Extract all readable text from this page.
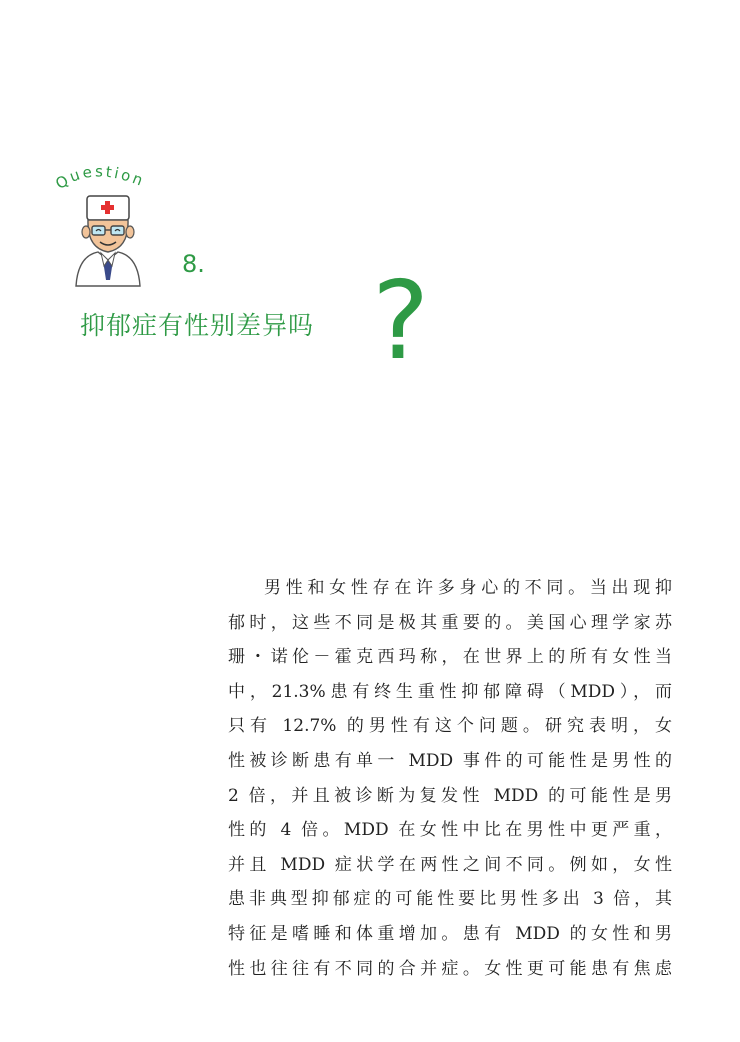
Question
8.
抑郁症有性别差异吗 ?
男性和女性存在许多身心的不同。当出现抑
郁时，这些不同是极其重要的。美国心理学家苏
珊・诺伦－霍克西玛称，在世界上的所有女性当
中，21.3%患有终生重性抑郁障碍（MDD），而
只有 12.7% 的男性有这个问题。研究表明，女
性被诊断患有单一 MDD 事件的可能性是男性的
2 倍，并且被诊断为复发性 MDD 的可能性是男
性的 4 倍。MDD 在女性中比在男性中更严重，
并且 MDD 症状学在两性之间不同。例如，女性
患非典型抑郁症的可能性要比男性多出 3 倍，其
特征是嗜睡和体重增加。患有 MDD 的女性和男
性也往往有不同的合并症。女性更可能患有焦虑
